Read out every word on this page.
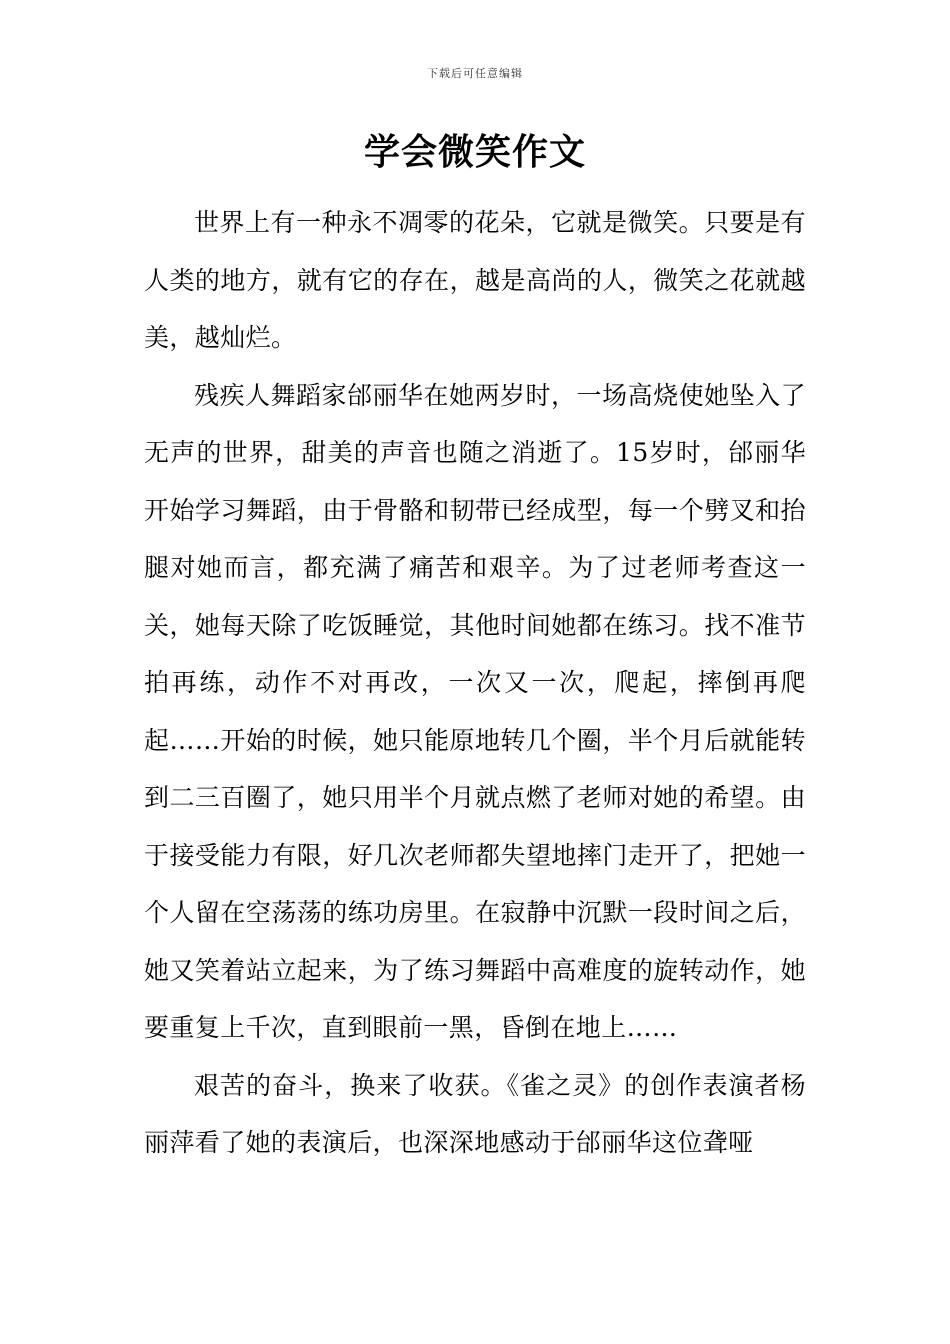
下载后可任意编辑
学会微笑作文

世界上有一种永不凋零的花朵，它就是微笑。只要是有人类的地方，就有它的存在，越是高尚的人，微笑之花就越美，越灿烂。

残疾人舞蹈家邰丽华在她两岁时，一场高烧使她坠入了无声的世界，甜美的声音也随之消逝了。15岁时，邰丽华开始学习舞蹈，由于骨骼和韧带已经成型，每一个劈叉和抬腿对她而言，都充满了痛苦和艰辛。为了过老师考查这一关，她每天除了吃饭睡觉，其他时间她都在练习。找不准节拍再练，动作不对再改，一次又一次，爬起，摔倒再爬起……开始的时候，她只能原地转几个圈，半个月后就能转到二三百圈了，她只用半个月就点燃了老师对她的希望。由于接受能力有限，好几次老师都失望地摔门走开了，把她一个人留在空荡荡的练功房里。在寂静中沉默一段时间之后，她又笑着站立起来，为了练习舞蹈中高难度的旋转动作，她要重复上千次，直到眼前一黑，昏倒在地上……

艰苦的奋斗，换来了收获。《雀之灵》的创作表演者杨丽萍看了她的表演后，也深深地感动于邰丽华这位聋哑
